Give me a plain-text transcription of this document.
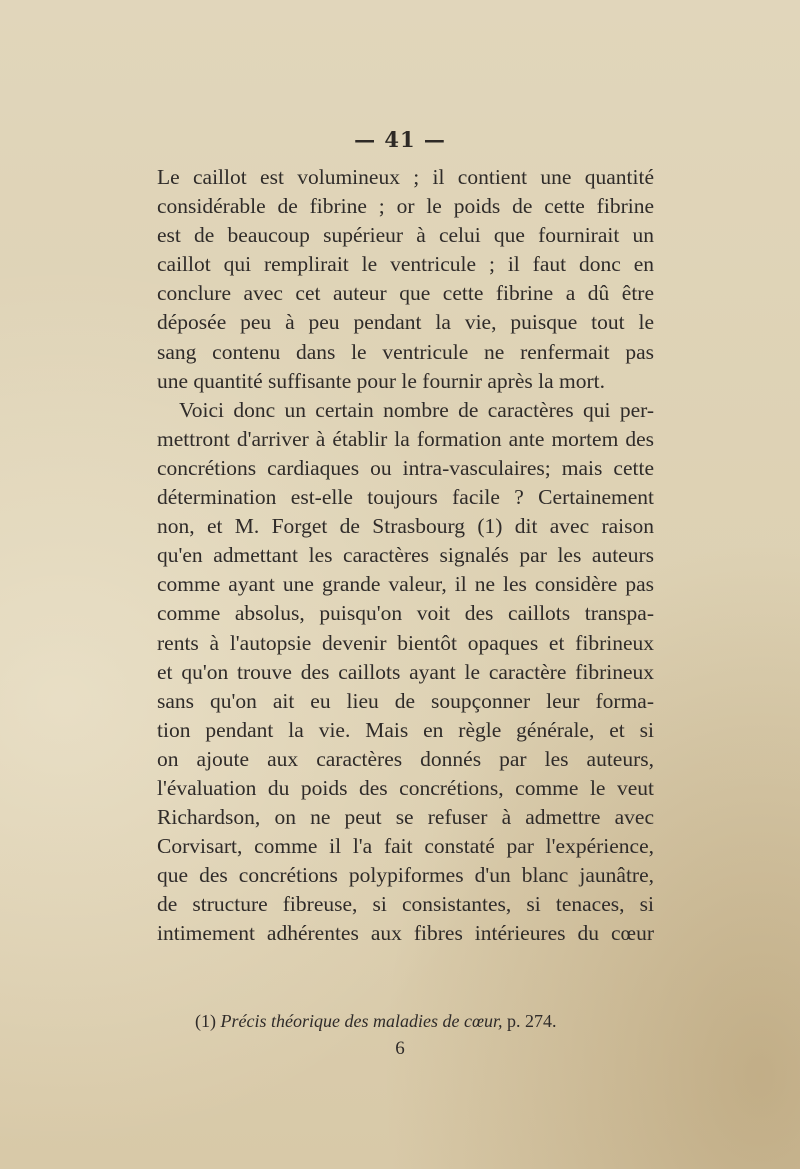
— 41 —
Le caillot est volumineux ; il contient une quantité
considérable de fibrine ; or le poids de cette fibrine
est de beaucoup supérieur à celui que fournirait un
caillot qui remplirait le ventricule ; il faut donc en
conclure avec cet auteur que cette fibrine a dû être
déposée peu à peu pendant la vie, puisque tout le
sang contenu dans le ventricule ne renfermait pas
une quantité suffisante pour le fournir après la mort.
Voici donc un certain nombre de caractères qui per-
mettront d'arriver à établir la formation ante mortem des
concrétions cardiaques ou intra-vasculaires; mais cette
détermination est-elle toujours facile ? Certainement
non, et M. Forget de Strasbourg (1) dit avec raison
qu'en admettant les caractères signalés par les auteurs
comme ayant une grande valeur, il ne les considère pas
comme absolus, puisqu'on voit des caillots transpa-
rents à l'autopsie devenir bientôt opaques et fibrineux
et qu'on trouve des caillots ayant le caractère fibrineux
sans qu'on ait eu lieu de soupçonner leur forma-
tion pendant la vie. Mais en règle générale, et si
on ajoute aux caractères donnés par les auteurs,
l'évaluation du poids des concrétions, comme le veut
Richardson, on ne peut se refuser à admettre avec
Corvisart, comme il l'a fait constaté par l'expérience,
que des concrétions polypiformes d'un blanc jaunâtre,
de structure fibreuse, si consistantes, si tenaces, si
intimement adhérentes aux fibres intérieures du cœur
(1) Précis théorique des maladies de cœur, p. 274.
6
